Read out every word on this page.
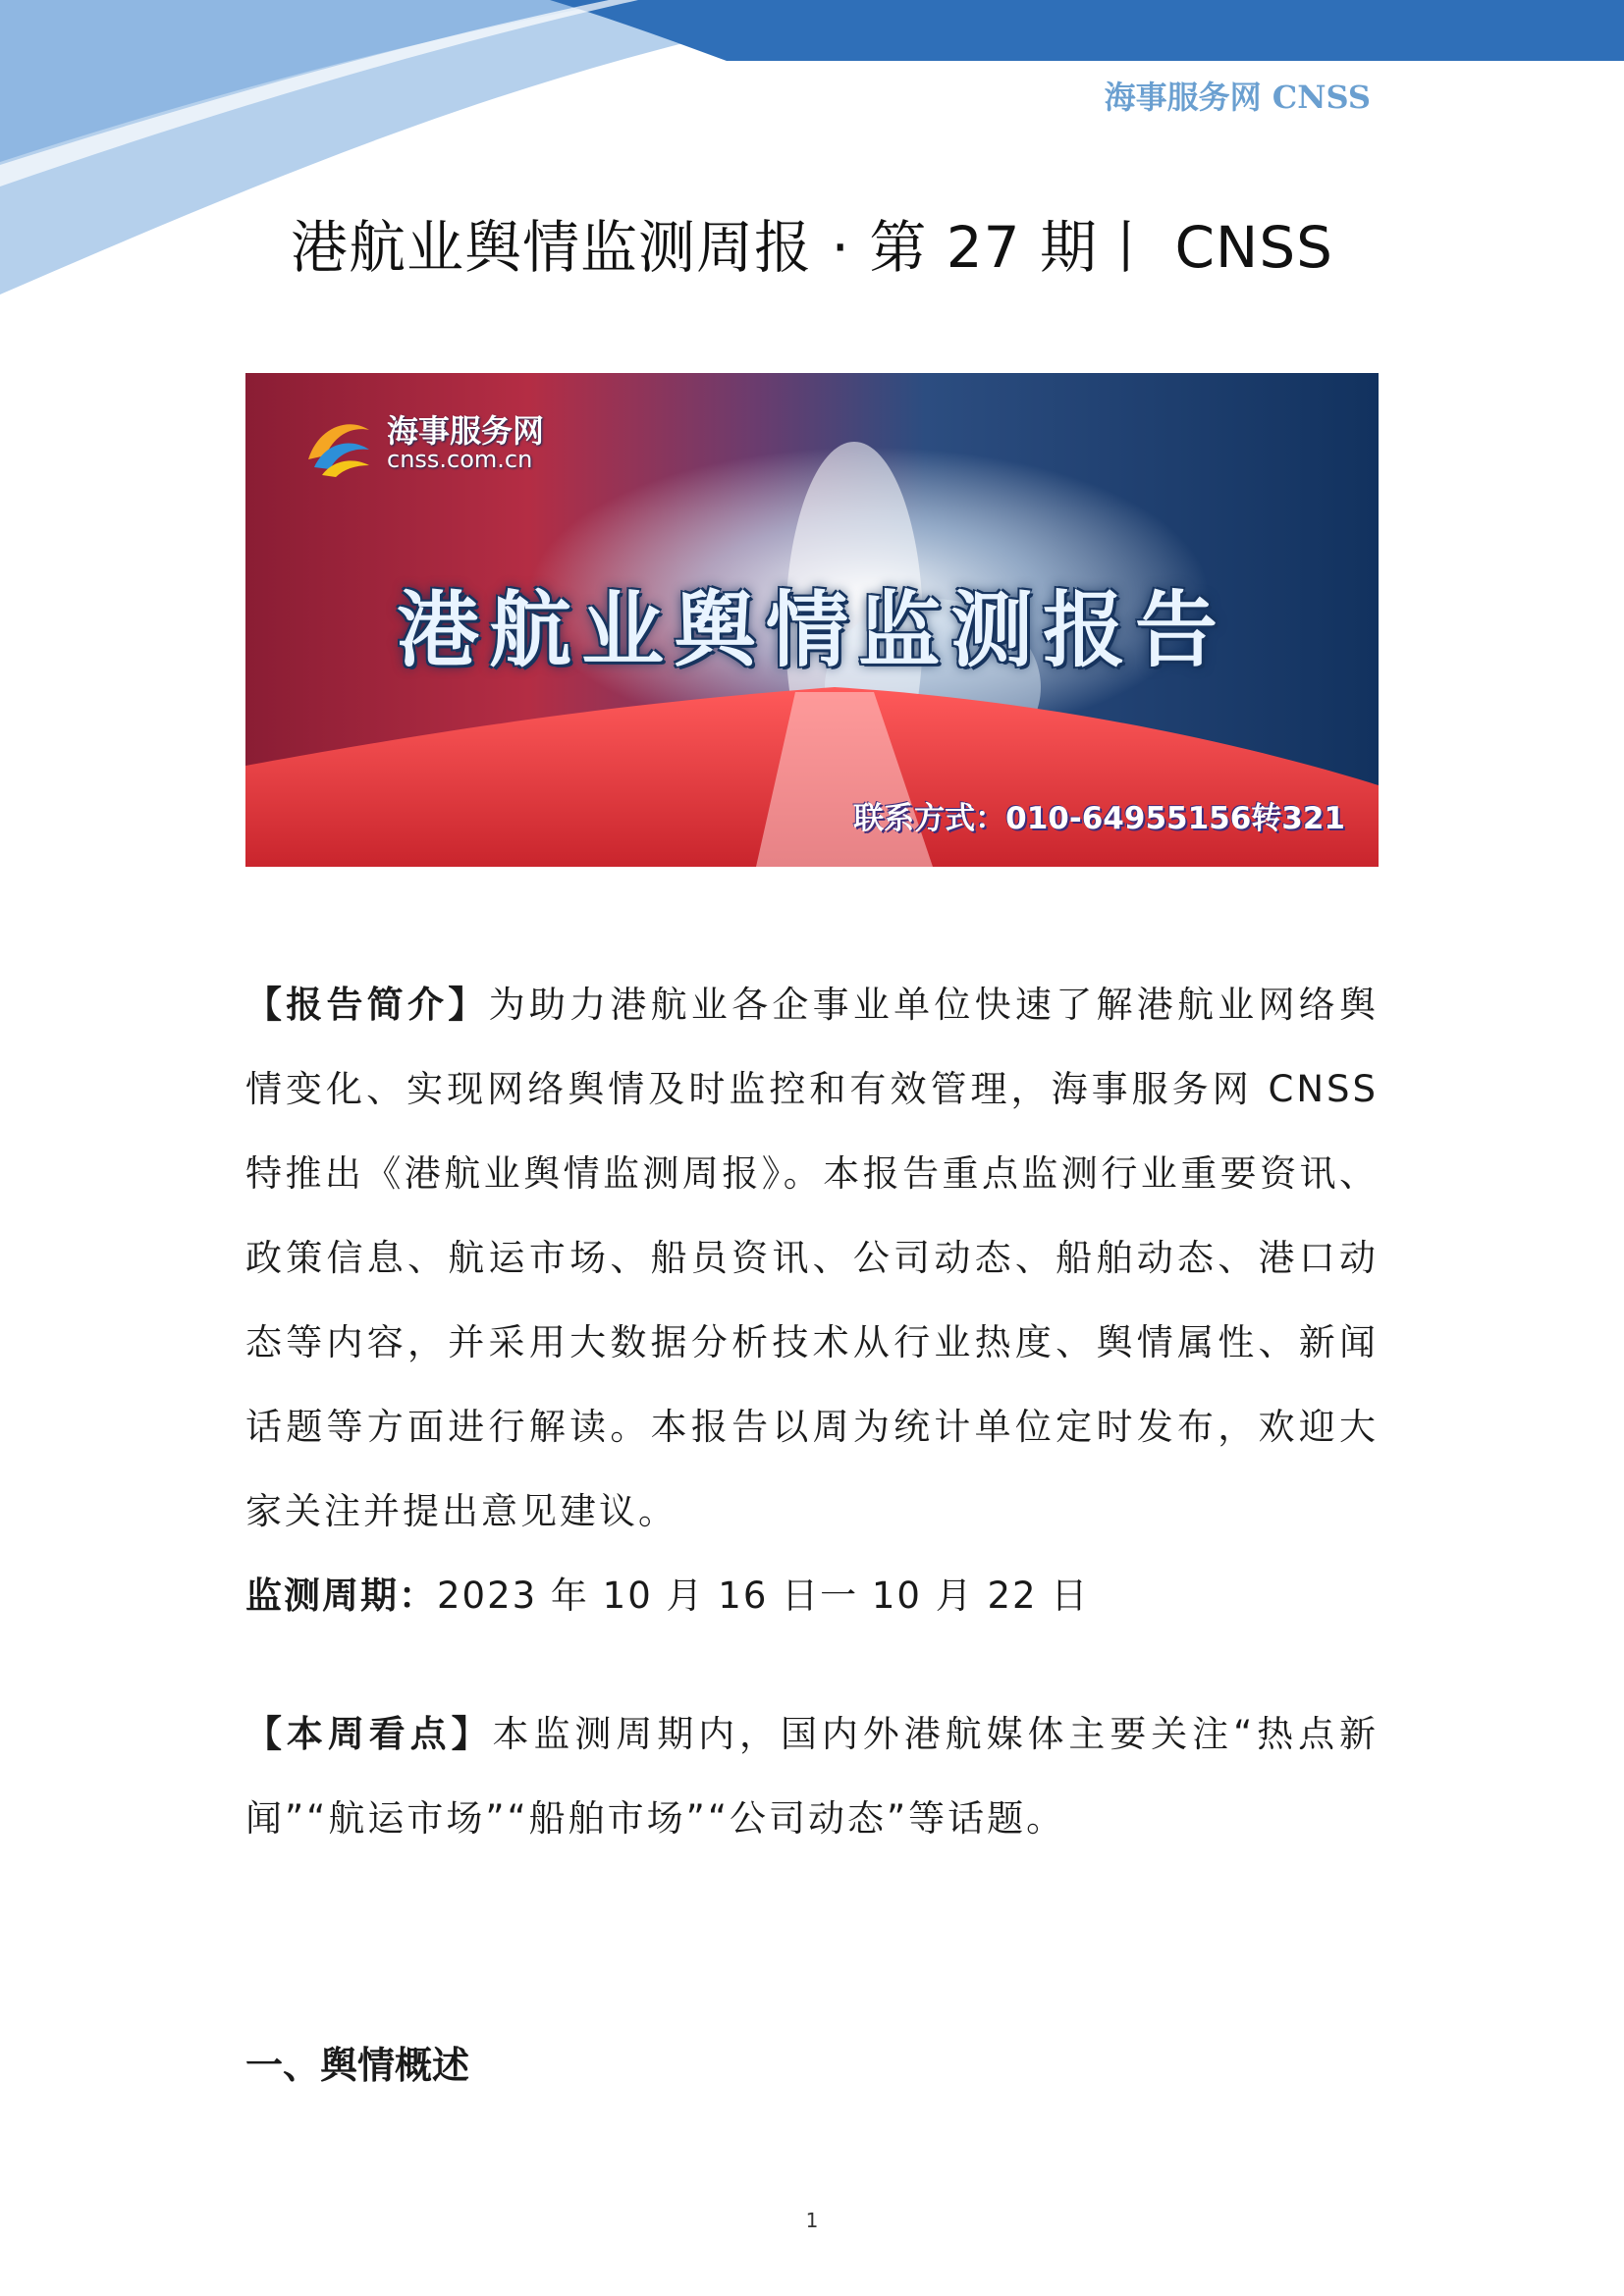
海事服务网 CNSS
港航业舆情监测周报 · 第 27 期丨 CNSS
海事服务网
cnss.com.cn
港航业舆情监测报告
联系方式：010-64955156转321
【报告简介】为助力港航业各企事业单位快速了解港航业网络舆情变化、实现网络舆情及时监控和有效管理，海事服务网 CNSS 特推出《港航业舆情监测周报》。本报告重点监测行业重要资讯、政策信息、航运市场、船员资讯、公司动态、船舶动态、港口动态等内容，并采用大数据分析技术从行业热度、舆情属性、新闻话题等方面进行解读。本报告以周为统计单位定时发布，欢迎大家关注并提出意见建议。
监测周期：2023 年 10 月 16 日一 10 月 22 日
【本周看点】本监测周期内，国内外港航媒体主要关注“热点新闻”“航运市场”“船舶市场”“公司动态”等话题。
一、舆情概述
1
